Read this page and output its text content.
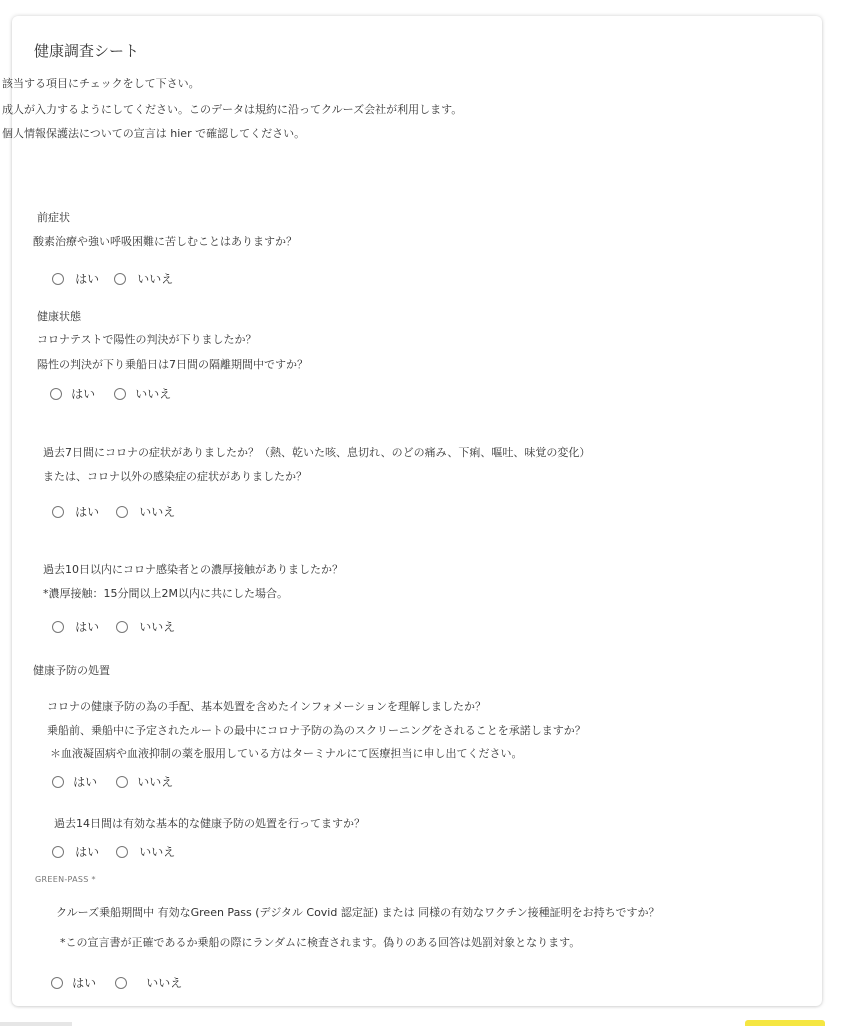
健康調査シート
該当する項目にチェックをして下さい。
成人が入力するようにしてください。このデータは規約に沿ってクルーズ会社が利用します。
個人情報保護法についての宣言は hier で確認してください。
前症状
酸素治療や強い呼吸困難に苦しむことはありますか？
はい	いいえ
健康状態
コロナテストで陽性の判決が下りましたか？
陽性の判決が下り乗船日は7日間の隔離期間中ですか？
はい	いいえ
過去7日間にコロナの症状がありましたか？（熱、乾いた咳、息切れ、のどの痛み、下痢、嘔吐、味覚の変化）
または、コロナ以外の感染症の症状がありましたか？
はい	いいえ
過去10日以内にコロナ感染者との濃厚接触がありましたか？
*濃厚接触：15分間以上2M以内に共にした場合。
はい	いいえ
健康予防の処置
コロナの健康予防の為の手配、基本処置を含めたインフォメーションを理解しましたか？
乗船前、乗船中に予定されたルートの最中にコロナ予防の為のスクリーニングをされることを承諾しますか？
＊血液凝固病や血液抑制の薬を服用している方はターミナルにて医療担当に申し出てください。
はい	いいえ
過去14日間は有効な基本的な健康予防の処置を行ってますか？
はい	いいえ
GREEN-PASS *
クルーズ乗船期間中 有効なGreen Pass (デジタル Covid 認定証) または 同様の有効なワクチン接種証明をお持ちですか？
*この宣言書が正確であるか乗船の際にランダムに検査されます。偽りのある回答は処罰対象となります。
はい	いいえ
